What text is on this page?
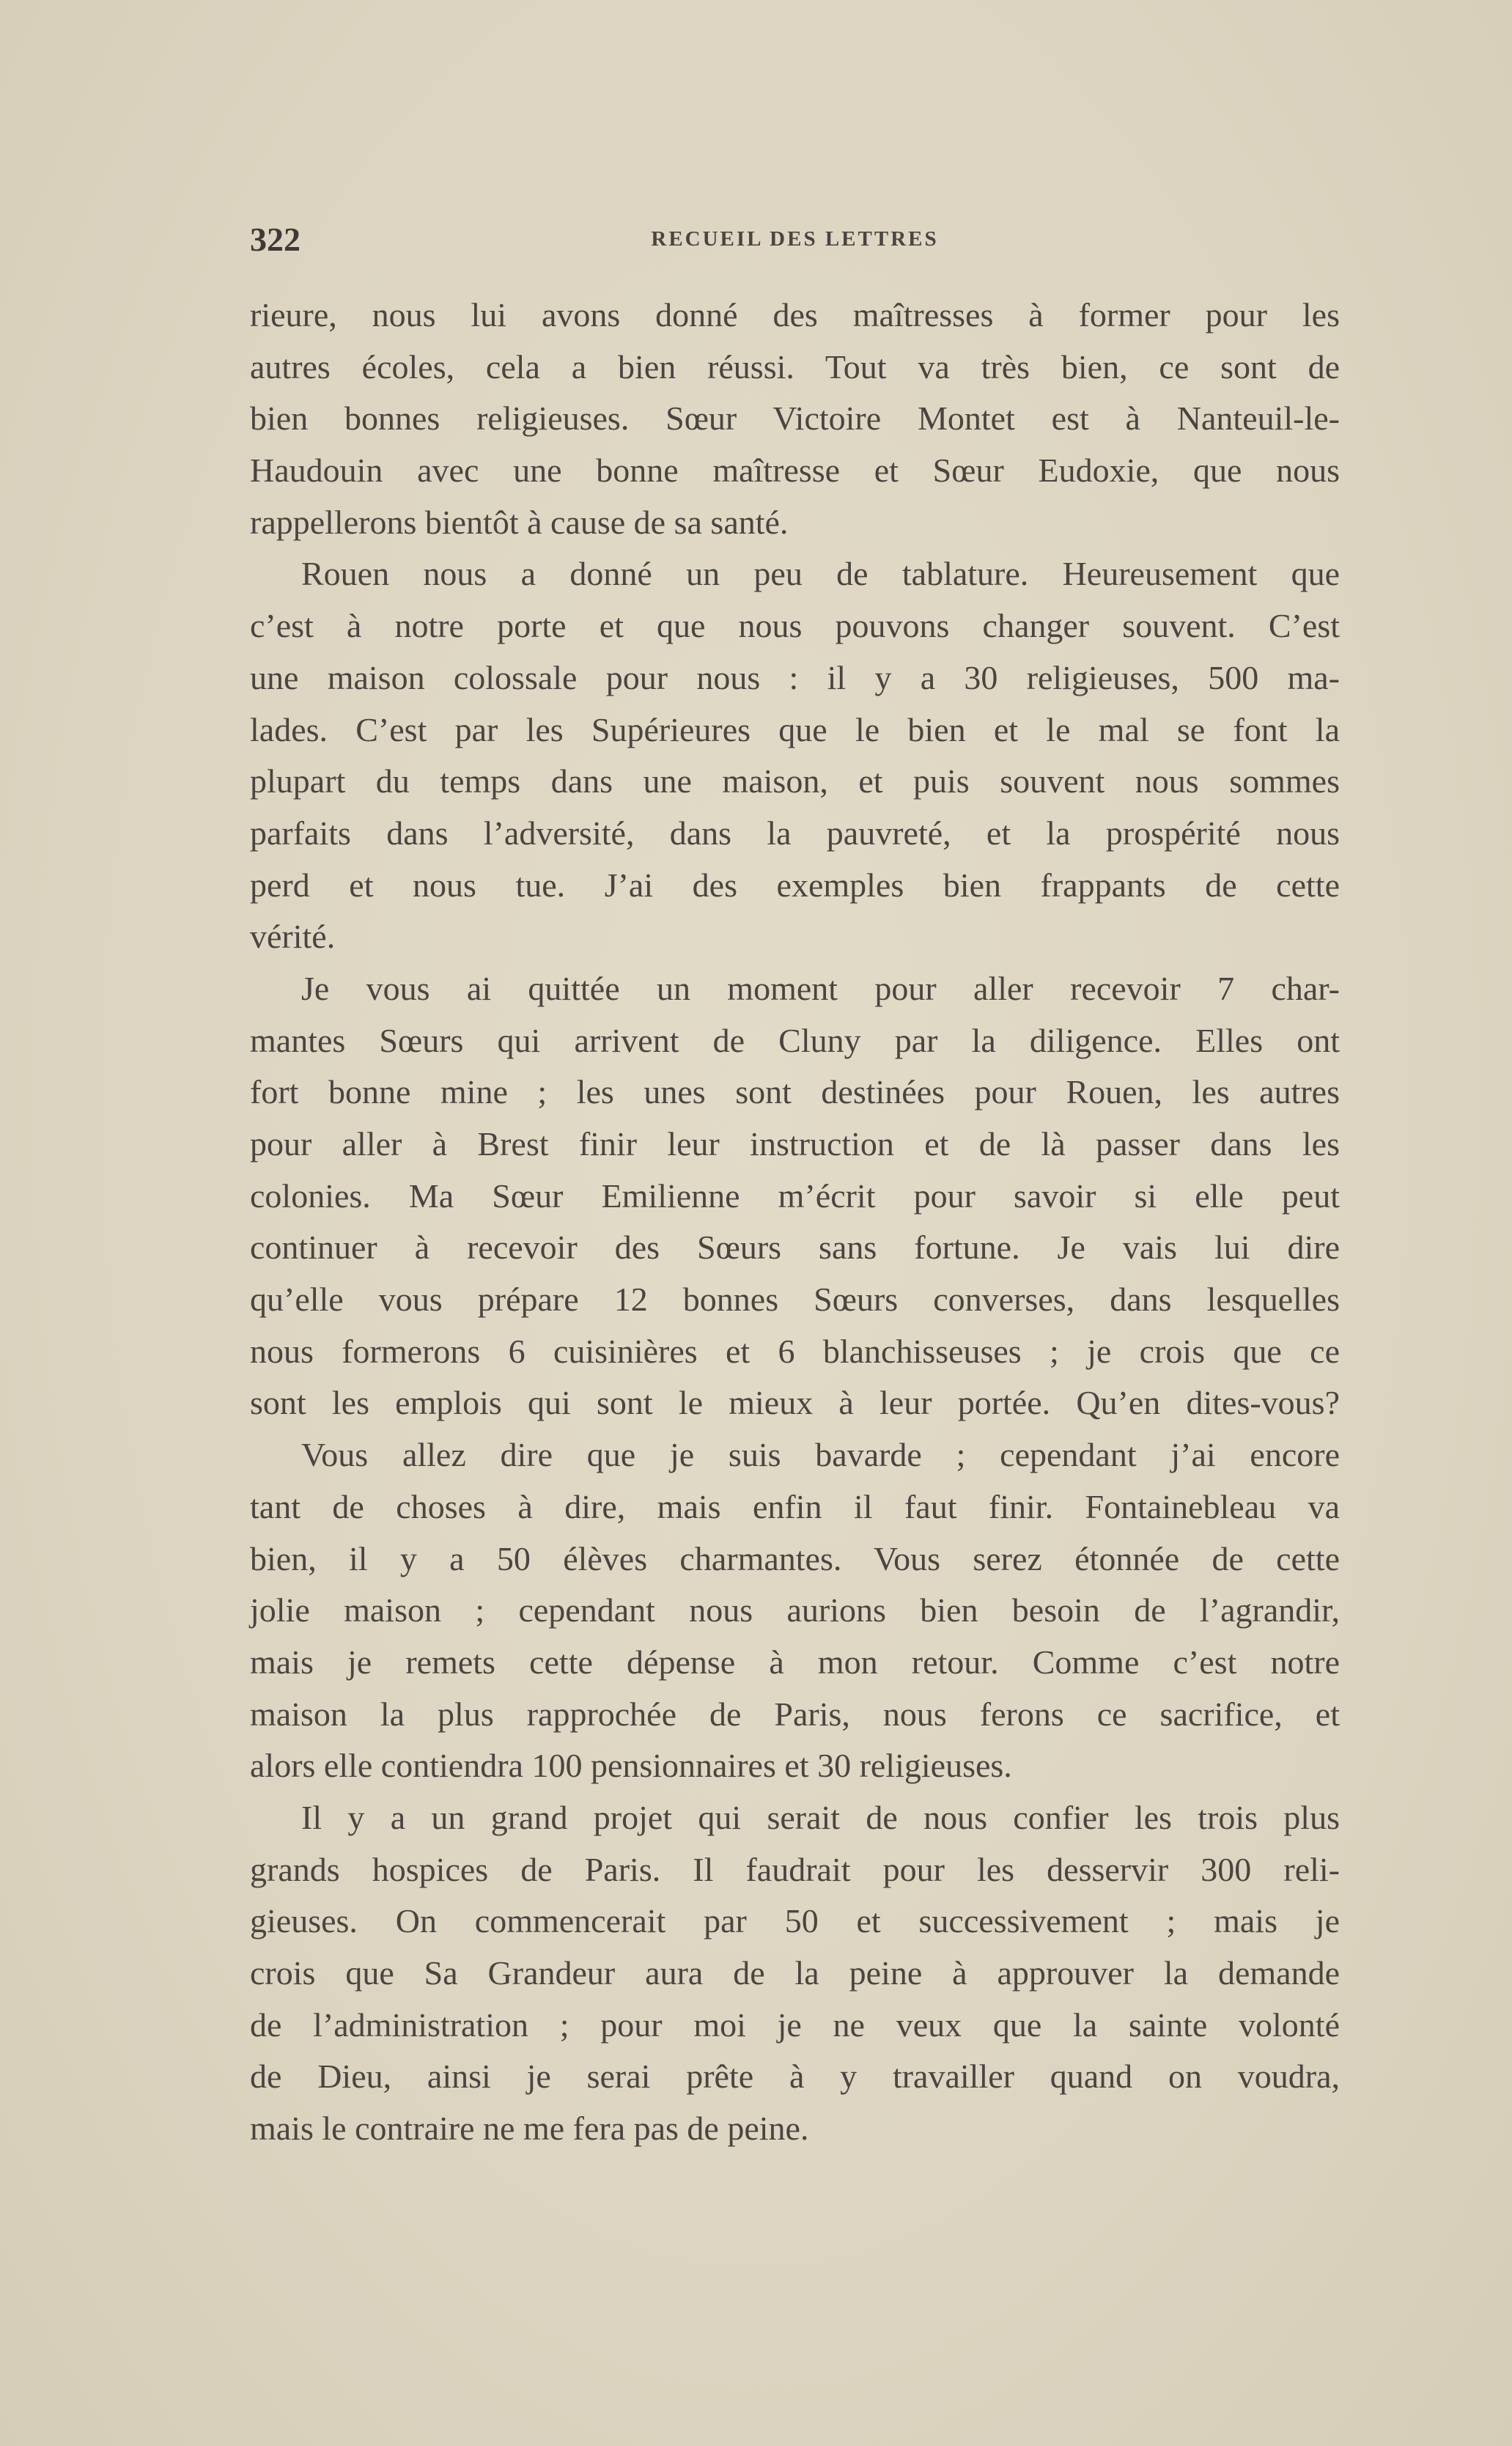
322	RECUEIL DES LETTRES
rieure, nous lui avons donné des maîtresses à former pour les
autres écoles, cela a bien réussi. Tout va très bien, ce sont de
bien bonnes religieuses. Sœur Victoire Montet est à Nanteuil-le-
Haudouin avec une bonne maîtresse et Sœur Eudoxie, que nous
rappellerons bientôt à cause de sa santé.
Rouen nous a donné un peu de tablature. Heureusement que
c’est à notre porte et que nous pouvons changer souvent. C’est
une maison colossale pour nous : il y a 30 religieuses, 500 ma-
lades. C’est par les Supérieures que le bien et le mal se font la
plupart du temps dans une maison, et puis souvent nous sommes
parfaits dans l’adversité, dans la pauvreté, et la prospérité nous
perd et nous tue. J’ai des exemples bien frappants de cette
vérité.
Je vous ai quittée un moment pour aller recevoir 7 char-
mantes Sœurs qui arrivent de Cluny par la diligence. Elles ont
fort bonne mine ; les unes sont destinées pour Rouen, les autres
pour aller à Brest finir leur instruction et de là passer dans les
colonies. Ma Sœur Emilienne m’écrit pour savoir si elle peut
continuer à recevoir des Sœurs sans fortune. Je vais lui dire
qu’elle vous prépare 12 bonnes Sœurs converses, dans lesquelles
nous formerons 6 cuisinières et 6 blanchisseuses ; je crois que ce
sont les emplois qui sont le mieux à leur portée. Qu’en dites-vous?
Vous allez dire que je suis bavarde ; cependant j’ai encore
tant de choses à dire, mais enfin il faut finir. Fontainebleau va
bien, il y a 50 élèves charmantes. Vous serez étonnée de cette
jolie maison ; cependant nous aurions bien besoin de l’agrandir,
mais je remets cette dépense à mon retour. Comme c’est notre
maison la plus rapprochée de Paris, nous ferons ce sacrifice, et
alors elle contiendra 100 pensionnaires et 30 religieuses.
Il y a un grand projet qui serait de nous confier les trois plus
grands hospices de Paris. Il faudrait pour les desservir 300 reli-
gieuses. On commencerait par 50 et successivement ; mais je
crois que Sa Grandeur aura de la peine à approuver la demande
de l’administration ; pour moi je ne veux que la sainte volonté
de Dieu, ainsi je serai prête à y travailler quand on voudra,
mais le contraire ne me fera pas de peine.
